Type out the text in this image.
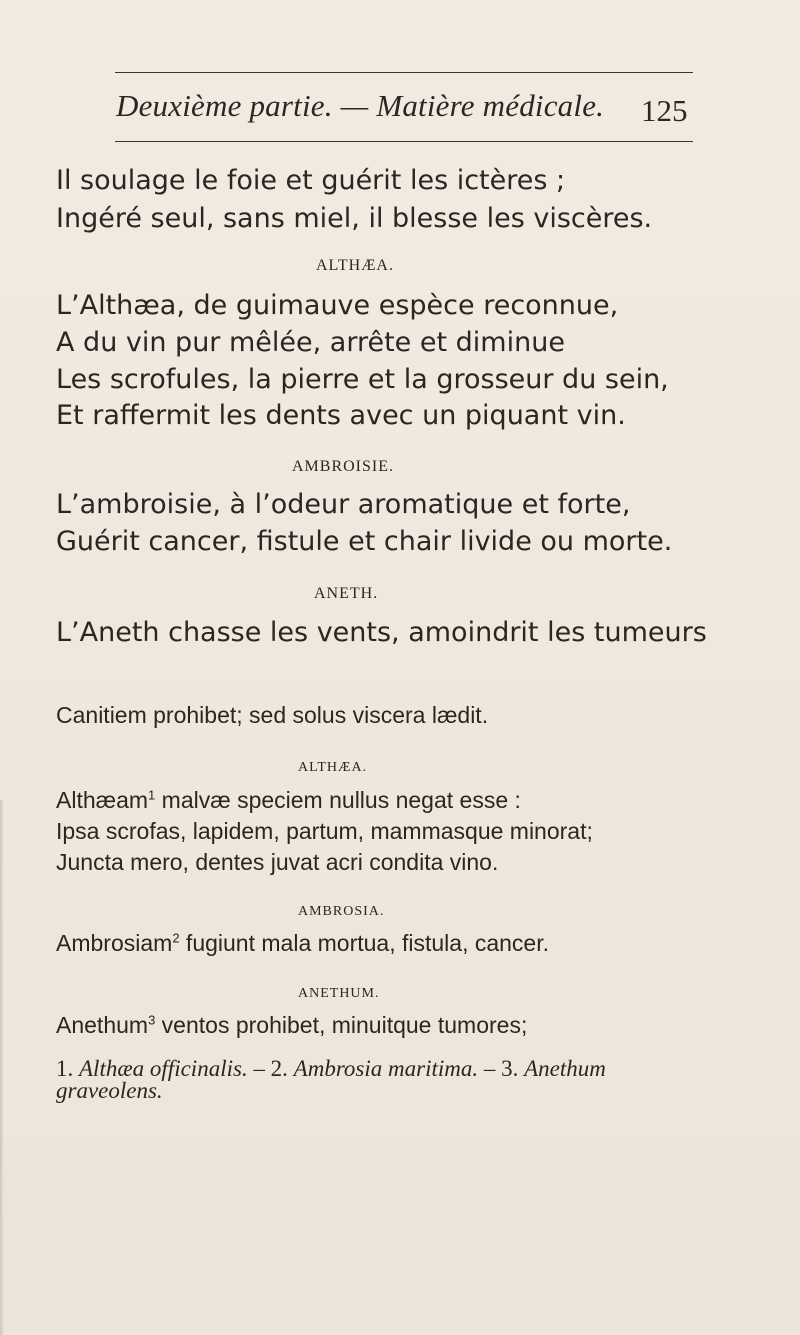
Deuxième partie. — Matière médicale. 125
Il soulage le foie et guérit les ictères ;
Ingéré seul, sans miel, il blesse les viscères.
ALTHÆA.
L’Althæa, de guimauve espèce reconnue,
A du vin pur mêlée, arrête et diminue
Les scrofules, la pierre et la grosseur du sein,
Et raffermit les dents avec un piquant vin.
AMBROISIE.
L’ambroisie, à l’odeur aromatique et forte,
Guérit cancer, fistule et chair livide ou morte.
ANETH.
L’Aneth chasse les vents, amoindrit les tumeurs
Canitiem prohibet; sed solus viscera lædit.
ALTHÆA.
Althæam$^1$ malvæ speciem nullus negat esse :
Ipsa scrofas, lapidem, partum, mammasque minorat;
Juncta mero, dentes juvat acri condita vino.
AMBROSIA.
Ambrosiam$^2$ fugiunt mala mortua, fistula, cancer.
ANETHUM.
Anethum$^3$ ventos prohibet, minuitque tumores;
1. Althæa officinalis. – 2. Ambrosia maritima. – 3. Anethum
graveolens.
